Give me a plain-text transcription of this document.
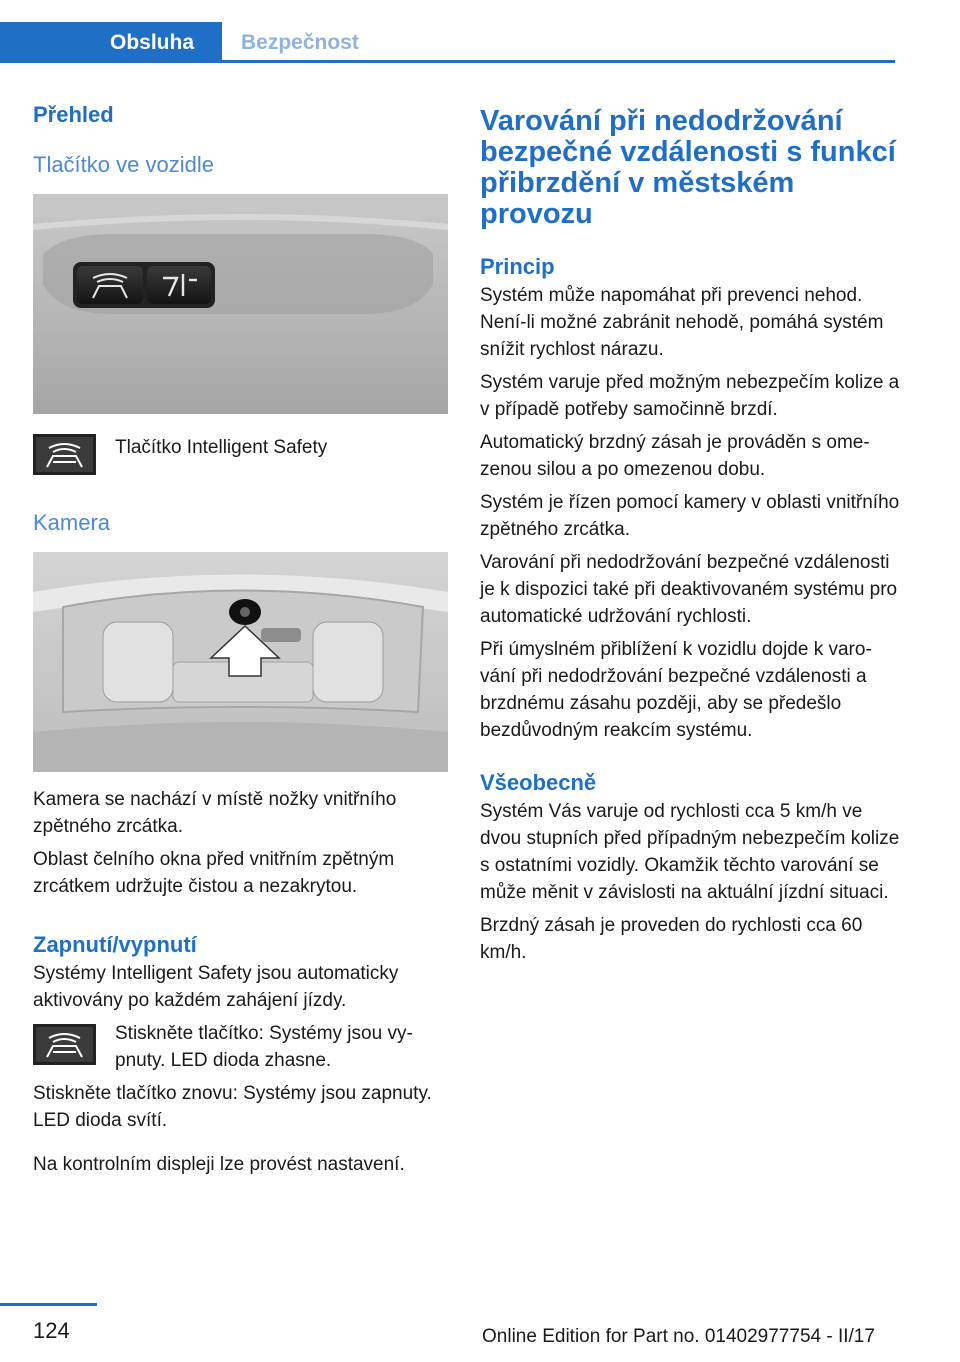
Obsluha	Bezpečnost
Přehled
Tlačítko ve vozidle

Tlačítko Intelligent Safety

Kamera

Kamera se nachází v místě nožky vnitřního zpětného zrcátka.

Oblast čelního okna před vnitřním zpětným zrcátkem udržujte čistou a nezakrytou.

Zapnutí/vypnutí

Systémy Intelligent Safety jsou automaticky aktivovány po každém zahájení jízdy.

Stiskněte tlačítko: Systémy jsou vypnuty. LED dioda zhasne.

Stiskněte tlačítko znovu: Systémy jsou zapnuty. LED dioda svítí.

Na kontrolním displeji lze provést nastavení.

Varování při nedodržování bezpečné vzdálenosti s funkcí přibrzdění v městském provozu
Princip

Systém může napomáhat při prevenci nehod. Není-li možné zabránit nehodě, pomáhá systém snížit rychlost nárazu.

Systém varuje před možným nebezpečím kolize a v případě potřeby samočinně brzdí.

Automatický brzdný zásah je prováděn s omezenou silou a po omezenou dobu.

Systém je řízen pomocí kamery v oblasti vnitřního zpětného zrcátka.

Varování při nedodržování bezpečné vzdálenosti je k dispozici také při deaktivovaném systému pro automatické udržování rychlosti.

Při úmyslném přiblížení k vozidlu dojde k varování při nedodržování bezpečné vzdálenosti a brzdnému zásahu později, aby se předešlo bezdůvodným reakcím systému.

Všeobecně

Systém Vás varuje od rychlosti cca 5 km/h ve dvou stupních před případným nebezpečím kolize s ostatními vozidly. Okamžik těchto varování se může měnit v závislosti na aktuální jízdní situaci.

Brzdný zásah je proveden do rychlosti cca 60 km/h.

124	Online Edition for Part no. 01402977754 - II/17
